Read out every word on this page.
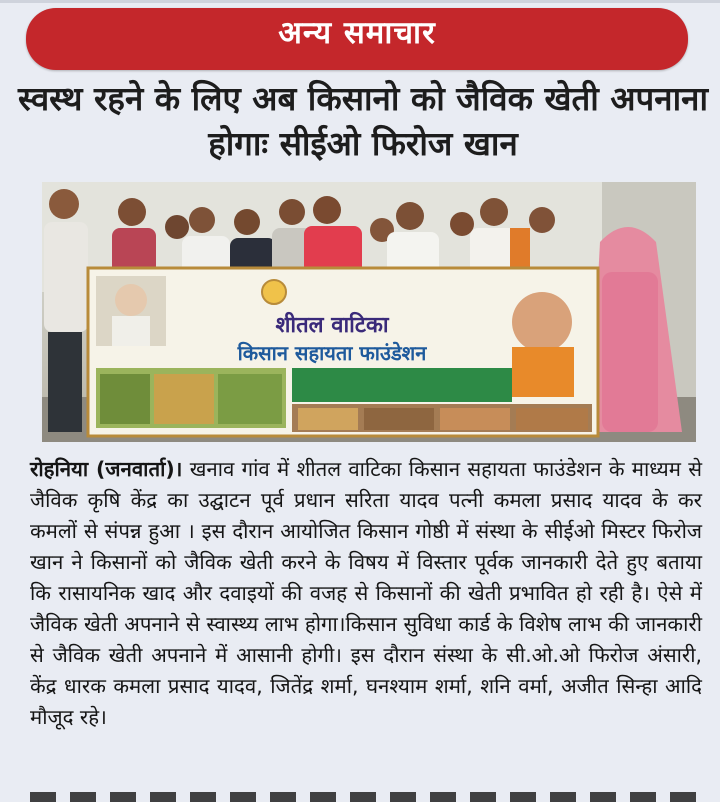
अन्य समाचार
स्वस्थ रहने के लिए अब किसानो को जैविक खेती अपनाना होगाः सीईओ फिरोज खान
शीतल वाटिका
किसान सहायता फाउंडेशन
रोहनिया (जनवार्ता)। खनाव गांव में शीतल वाटिका किसान सहायता फाउंडेशन के माध्यम से जैविक कृषि केंद्र का उद्घाटन पूर्व प्रधान सरिता यादव पत्नी कमला प्रसाद यादव के कर कमलों से संपन्न हुआ । इस दौरान आयोजित किसान गोष्ठी में संस्था के सीईओ मिस्टर फिरोज खान ने किसानों को जैविक खेती करने के विषय में विस्तार पूर्वक जानकारी देते हुए बताया कि रासायनिक खाद और दवाइयों की वजह से किसानों की खेती प्रभावित हो रही है। ऐसे में जैविक खेती अपनाने से स्वास्थ्य लाभ होगा।किसान सुविधा कार्ड के विशेष लाभ की जानकारी से जैविक खेती अपनाने में आसानी होगी। इस दौरान संस्था के सी.ओ.ओ फिरोज अंसारी, केंद्र धारक कमला प्रसाद यादव, जितेंद्र शर्मा, घनश्याम शर्मा, शनि वर्मा, अजीत सिन्हा आदि मौजूद रहे।
